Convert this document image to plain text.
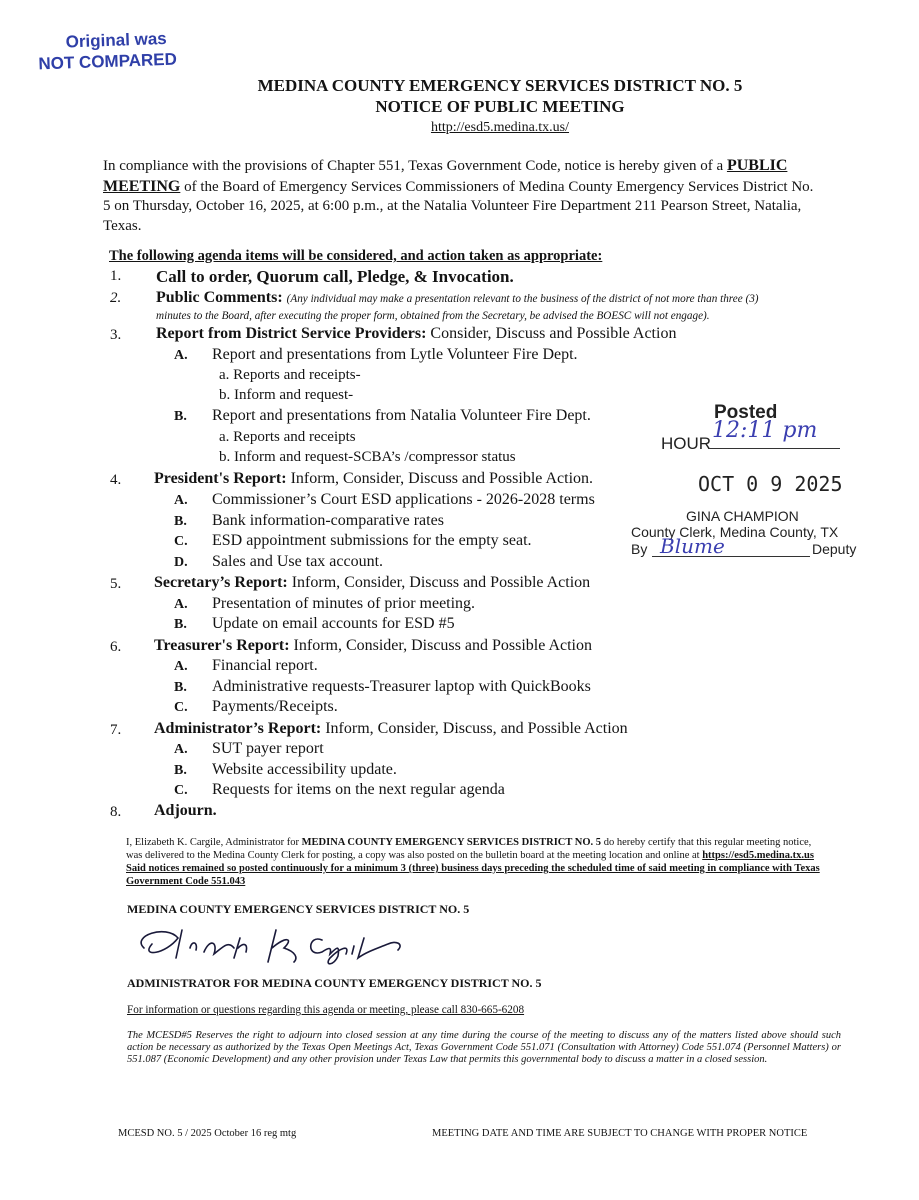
Original was
NOT COMPARED
MEDINA COUNTY EMERGENCY SERVICES DISTRICT NO. 5
NOTICE OF PUBLIC MEETING
http://esd5.medina.tx.us/
In compliance with the provisions of Chapter 551, Texas Government Code, notice is hereby given of a PUBLIC MEETING of the Board of Emergency Services Commissioners of Medina County Emergency Services District No. 5 on Thursday, October 16, 2025, at 6:00 p.m., at the Natalia Volunteer Fire Department 211 Pearson Street, Natalia, Texas.
The following agenda items will be considered, and action taken as appropriate:
1. Call to order, Quorum call, Pledge, & Invocation.
2. Public Comments: (Any individual may make a presentation relevant to the business of the district of not more than three (3)
minutes to the Board, after executing the proper form, obtained from the Secretary, be advised the BOESC will not engage).
3. Report from District Service Providers: Consider, Discuss and Possible Action
A. Report and presentations from Lytle Volunteer Fire Dept.
a. Reports and receipts-
b. Inform and request-
B. Report and presentations from Natalia Volunteer Fire Dept.
a. Reports and receipts
b. Inform and request-SCBA’s /compressor status
4. President's Report: Inform, Consider, Discuss and Possible Action.
A. Commissioner’s Court ESD applications - 2026-2028 terms
B. Bank information-comparative rates
C. ESD appointment submissions for the empty seat.
D. Sales and Use tax account.
5. Secretary’s Report: Inform, Consider, Discuss and Possible Action
A. Presentation of minutes of prior meeting.
B. Update on email accounts for ESD #5
6. Treasurer's Report: Inform, Consider, Discuss and Possible Action
A. Financial report.
B. Administrative requests-Treasurer laptop with QuickBooks
C. Payments/Receipts.
7. Administrator’s Report: Inform, Consider, Discuss, and Possible Action
A. SUT payer report
B. Website accessibility update.
C. Requests for items on the next regular agenda
8. Adjourn.
Posted
HOUR
12:11 pm
OCT 0 9 2025
GINA CHAMPION
County Clerk, Medina County, TX
By Blume	Deputy
I, Elizabeth K. Cargile, Administrator for MEDINA COUNTY EMERGENCY SERVICES DISTRICT NO. 5 do hereby certify that this regular meeting notice, was delivered to the Medina County Clerk for posting, a copy was also posted on the bulletin board at the meeting location and online at https://esd5.medina.tx.us Said notices remained so posted continuously for a minimum 3 (three) business days preceding the scheduled time of said meeting in compliance with Texas Government Code 551.043
MEDINA COUNTY EMERGENCY SERVICES DISTRICT NO. 5
ADMINISTRATOR FOR MEDINA COUNTY EMERGENCY DISTRICT NO. 5
For information or questions regarding this agenda or meeting, please call 830-665-6208
The MCESD#5 Reserves the right to adjourn into closed session at any time during the course of the meeting to discuss any of the matters listed above should such action be necessary as authorized by the Texas Open Meetings Act, Texas Government Code 551.071 (Consultation with Attorney) Code 551.074 (Personnel Matters) or 551.087 (Economic Development) and any other provision under Texas Law that permits this governmental body to discuss a matter in a closed session.
MCESD NO. 5 / 2025 October 16 reg mtg	MEETING DATE AND TIME ARE SUBJECT TO CHANGE WITH PROPER NOTICE
